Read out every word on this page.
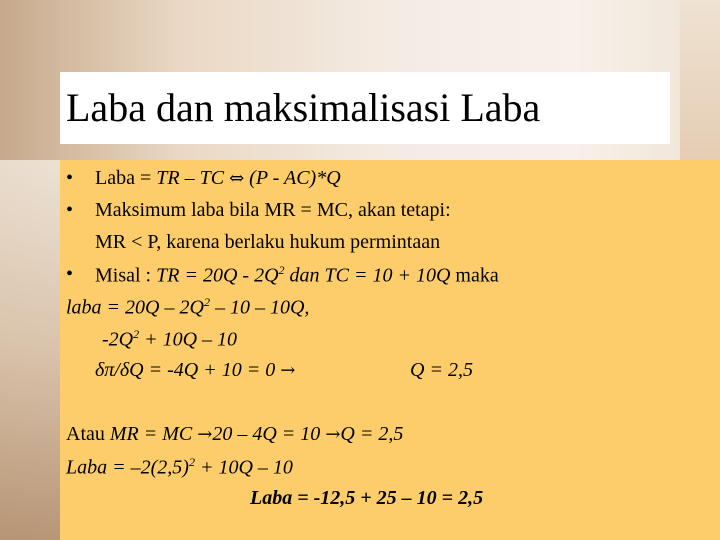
Laba dan maksimalisasi Laba
• Laba = TR – TC ⇔ (P - AC)*Q
• Maksimum laba bila MR = MC, akan tetapi:
MR < P, karena berlaku hukum permintaan
• Misal : TR = $20Q - 2Q^2$ dan TC = 10 + 10Q maka
laba = $20Q - 2Q^2 - 10 - 10Q$,
$-2Q^2 + 10Q - 10$
δπ/δQ = -4Q + 10 = 0 →	Q = 2,5
Atau MR = MC →20 – 4Q = 10 →Q = 2,5
Laba = $-2(2,5)^2 + 10Q - 10$
Laba = -12,5 + 25 – 10 = 2,5
